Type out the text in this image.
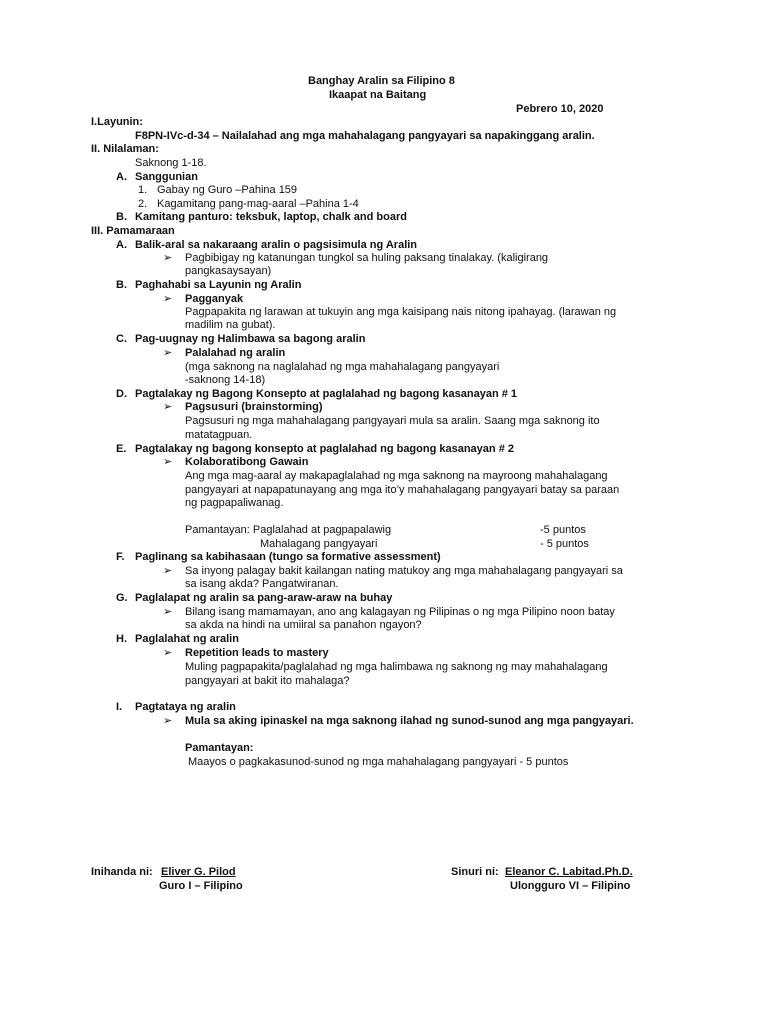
Banghay Aralin sa Filipino 8
Ikaapat na Baitang
Pebrero 10, 2020
I.Layunin:
F8PN-IVc-d-34 – Nailalahad ang mga mahahalagang pangyayari sa napakinggang aralin.
II. Nilalaman:
Saknong 1-18.
A. Sanggunian
1. Gabay ng Guro –Pahina 159
2. Kagamitang pang-mag-aaral –Pahina 1-4
B. Kamitang panturo: teksbuk, laptop, chalk and board
III. Pamamaraan
A. Balik-aral sa nakaraang aralin o pagsisimula ng Aralin
➢ Pagbibigay ng katanungan tungkol sa huling paksang tinalakay. (kaligirang
pangkasaysayan)
B. Paghahabi sa Layunin ng Aralin
➢ Pagganyak
Pagpapakita ng larawan at tukuyin ang mga kaisipang nais nitong ipahayag. (larawan ng
madilim na gubat).
C. Pag-uugnay ng Halimbawa sa bagong aralin
➢ Palalahad ng aralin
(mga saknong na naglalahad ng mga mahahalagang pangyayari
-saknong 14-18)
D. Pagtalakay ng Bagong Konsepto at paglalahad ng bagong kasanayan # 1
➢ Pagsusuri (brainstorming)
Pagsusuri ng mga mahahalagang pangyayari mula sa aralin. Saang mga saknong ito
matatagpuan.
E. Pagtalakay ng bagong konsepto at paglalahad ng bagong kasanayan # 2
➢ Kolaboratibong Gawain
Ang mga mag-aaral ay makapaglalahad ng mga saknong na mayroong mahahalagang
pangyayari at napapatunayang ang mga ito’y mahahalagang pangyayari batay sa paraan
ng pagpapaliwanag.
Pamantayan: Paglalahad at pagpapalawig	-5 puntos
Mahalagang pangyayari	- 5 puntos
F. Paglinang sa kabihasaan (tungo sa formative assessment)
➢ Sa inyong palagay bakit kailangan nating matukoy ang mga mahahalagang pangyayari sa
sa isang akda? Pangatwiranan.
G. Paglalapat ng aralin sa pang-araw-araw na buhay
➢ Bilang isang mamamayan, ano ang kalagayan ng Pilipinas o ng mga Pilipino noon batay
sa akda na hindi na umiiral sa panahon ngayon?
H. Paglalahat ng aralin
➢ Repetition leads to mastery
Muling pagpapakita/paglalahad ng mga halimbawa ng saknong ng may mahahalagang
pangyayari at bakit ito mahalaga?
I. Pagtataya ng aralin
➢ Mula sa aking ipinaskel na mga saknong ilahad ng sunod-sunod ang mga pangyayari.
Pamantayan:
Maayos o pagkakasunod-sunod ng mga mahahalagang pangyayari - 5 puntos
Inihanda ni: Eliver G. Pilod
Guro I – Filipino
Sinuri ni: Eleanor C. Labitad.Ph.D.
Ulongguro VI – Filipino
